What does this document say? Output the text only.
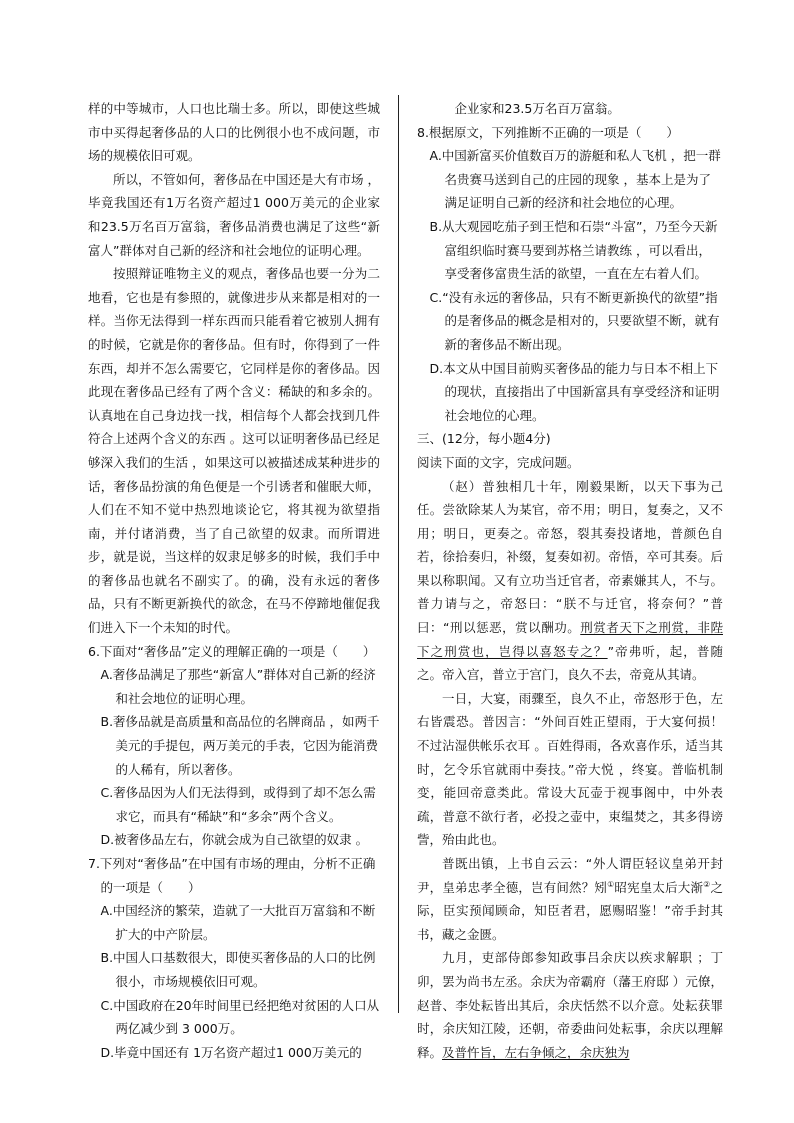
样的中等城市，人口也比瑞士多。所以，即使这些城市中买得起奢侈品的人口的比例很小也不成问题，市场的规模依旧可观。

所以，不管如何，奢侈品在中国还是大有市场 ，毕竟我国还有1万名资产超过1 000万美元的企业家和23.5万名百万富翁，奢侈品消费也满足了这些“新富人”群体对自己新的经济和社会地位的证明心理。

按照辩证唯物主义的观点，奢侈品也要一分为二地看，它也是有参照的，就像进步从来都是相对的一样。当你无法得到一样东西而只能看着它被别人拥有的时候，它就是你的奢侈品。但有时，你得到了一件东西，却并不怎么需要它，它同样是你的奢侈品。因此现在奢侈品已经有了两个含义：稀缺的和多余的。认真地在自己身边找一找，相信每个人都会找到几件符合上述两个含义的东西 。这可以证明奢侈品已经足够深入我们的生活 ，如果这可以被描述成某种进步的话，奢侈品扮演的角色便是一个引诱者和催眠大师，人们在不知不觉中热烈地谈论它，将其视为欲望指南，并付诸消费，当了自己欲望的奴隶。而所谓进步，就是说，当这样的奴隶足够多的时候，我们手中的奢侈品也就名不副实了。的确，没有永远的奢侈品，只有不断更新换代的欲念，在马不停蹄地催促我们进入下一个未知的时代。

6.下面对“奢侈品”定义的理解正确的一项是（　　）

A.奢侈品满足了那些“新富人”群体对自己新的经济和社会地位的证明心理。

B.奢侈品就是高质量和高品位的名牌商品 ，如两千美元的手提包，两万美元的手表，它因为能消费的人稀有，所以奢侈。

C.奢侈品因为人们无法得到，或得到了却不怎么需求它，而具有“稀缺”和“多余”两个含义。

D.被奢侈品左右，你就会成为自己欲望的奴隶 。

7.下列对“奢侈品”在中国有市场的理由，分析不正确的一项是（　　）

A.中国经济的繁荣，造就了一大批百万富翁和不断扩大的中产阶层。

B.中国人口基数很大，即使买奢侈品的人口的比例很小，市场规模依旧可观。

C.中国政府在20年时间里已经把绝对贫困的人口从两亿减少到 3 000万。

D.毕竟中国还有 1万名资产超过1 000万美元的

企业家和23.5万名百万富翁。

8.根据原文，下列推断不正确的一项是（　　）

A.中国新富买价值数百万的游艇和私人飞机 ，把一群名贵赛马送到自己的庄园的现象 ，基本上是为了满足证明自己新的经济和社会地位的心理。

B.从大观园吃茄子到王恺和石崇“斗富”，乃至今天新富组织临时赛马要到苏格兰请教练 ，可以看出，享受奢侈富贵生活的欲望，一直在左右着人们。

C.“没有永远的奢侈品，只有不断更新换代的欲望”指的是奢侈品的概念是相对的，只要欲望不断，就有新的奢侈品不断出现。

D.本文从中国目前购买奢侈品的能力与日本不相上下的现状，直接指出了中国新富具有享受经济和证明社会地位的心理。

三、(12分，每小题4分)

阅读下面的文字，完成问题。

（赵）普独相几十年，刚毅果断，以天下事为己任。尝欲除某人为某官，帝不用；明日，复奏之，又不用；明日，更奏之。帝怒，裂其奏投诸地，普颜色自若，徐拾奏归，补缀，复奏如初。帝悟，卒可其奏。后果以称职闻。又有立功当迁官者，帝素嫌其人，不与。普力请与之，帝怒曰：“朕不与迁官，将奈何？”普曰：“刑以惩恶，赏以酬功。刑赏者天下之刑赏，非陛下之刑赏也，岂得以喜怒专之？”帝弗听，起，普随之。帝入宫，普立于宫门，良久不去，帝竟从其请。

一日，大宴，雨骤至，良久不止，帝怒形于色，左右皆震恐。普因言：“外间百姓正望雨，于大宴何损！不过沾湿供帐乐衣耳 。百姓得雨，各欢喜作乐，适当其时，乞令乐官就雨中奏技。”帝大悦 ，终宴。普临机制变，能回帝意类此。常设大瓦壶于视事阁中，中外表疏，普意不欲行者，必投之壶中，束缊焚之，其多得谤訾，殆由此也。

普既出镇，上书自云云：“外人谓臣轻议皇弟开封尹，皇弟忠孝全德，岂有间然？矧①昭宪皇太后大渐②之际，臣实预闻顾命，知臣者君，愿赐昭鉴！”帝手封其书，藏之金匮。

九月，吏部侍郎参知政事吕余庆以疾求解职 ；丁卯，罢为尚书左丞。余庆为帝霸府（藩王府邸 ）元僚，赵普、李处耘皆出其后，余庆恬然不以介意。处耘获罪时，余庆知江陵，还朝，帝委曲问处耘事，余庆以理解释。及普忤旨，左右争倾之，余庆独为
